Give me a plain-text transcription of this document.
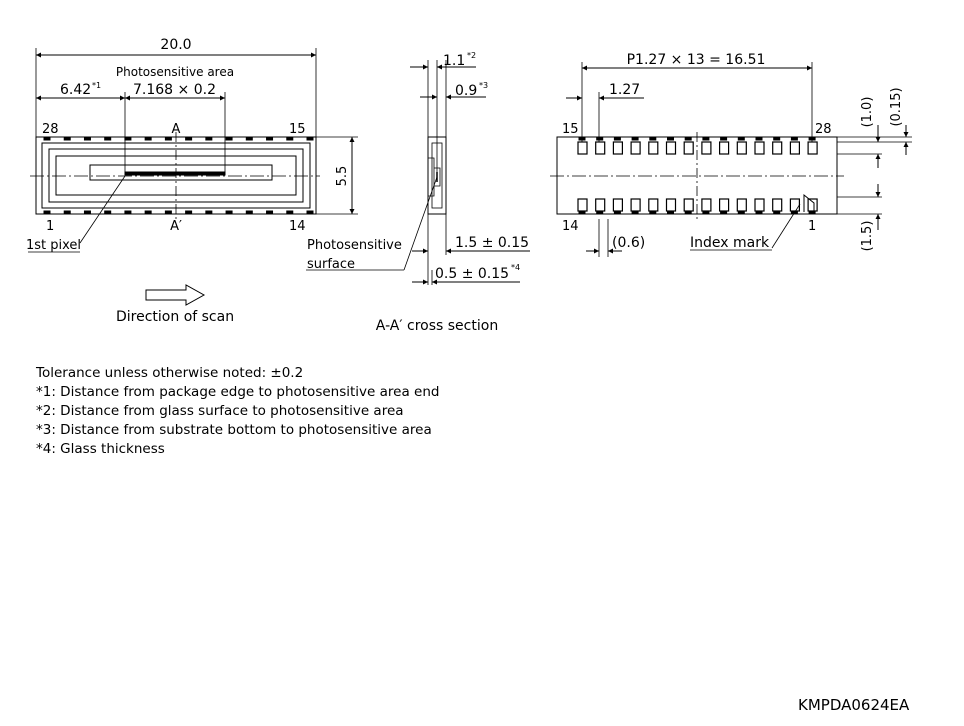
20.0
Photosensitive area
6.42 *1 7.168 × 0.2
28	15
A
1	14
A′
5.5
1st pixel
Direction of scan
1.1 *2
0.9 *3
Photosensitive
surface
1.5 ± 0.15
0.5 ± 0.15 *4
A-A′ cross section
P1.27 × 13 = 16.51
1.27
15	28
14	1
(0.6)	Index mark
(1.0) (0.15)
(1.5)
Tolerance unless otherwise noted: ±0.2
*1: Distance from package edge to photosensitive area end
*2: Distance from glass surface to photosensitive area
*3: Distance from substrate bottom to photosensitive area
*4: Glass thickness
KMPDA0624EA
